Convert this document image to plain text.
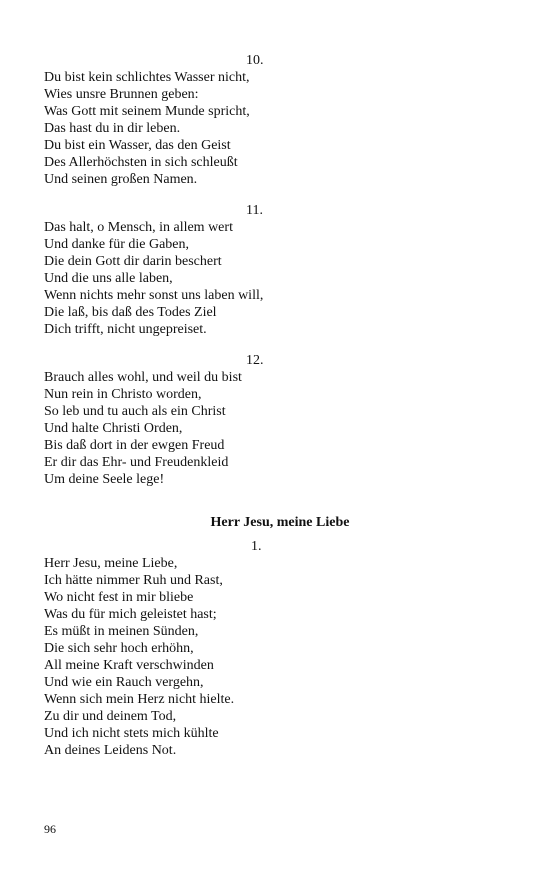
10.
Du bist kein schlichtes Wasser nicht,
Wies unsre Brunnen geben:
Was Gott mit seinem Munde spricht,
Das hast du in dir leben.
Du bist ein Wasser, das den Geist
Des Allerhöchsten in sich schleußt
Und seinen großen Namen.
11.
Das halt, o Mensch, in allem wert
Und danke für die Gaben,
Die dein Gott dir darin beschert
Und die uns alle laben,
Wenn nichts mehr sonst uns laben will,
Die laß, bis daß des Todes Ziel
Dich trifft, nicht ungepreiset.
12.
Brauch alles wohl, und weil du bist
Nun rein in Christo worden,
So leb und tu auch als ein Christ
Und halte Christi Orden,
Bis daß dort in der ewgen Freud
Er dir das Ehr- und Freudenkleid
Um deine Seele lege!
Herr Jesu, meine Liebe
1.
Herr Jesu, meine Liebe,
Ich hätte nimmer Ruh und Rast,
Wo nicht fest in mir bliebe
Was du für mich geleistet hast;
Es müßt in meinen Sünden,
Die sich sehr hoch erhöhn,
All meine Kraft verschwinden
Und wie ein Rauch vergehn,
Wenn sich mein Herz nicht hielte.
Zu dir und deinem Tod,
Und ich nicht stets mich kühlte
An deines Leidens Not.
96
